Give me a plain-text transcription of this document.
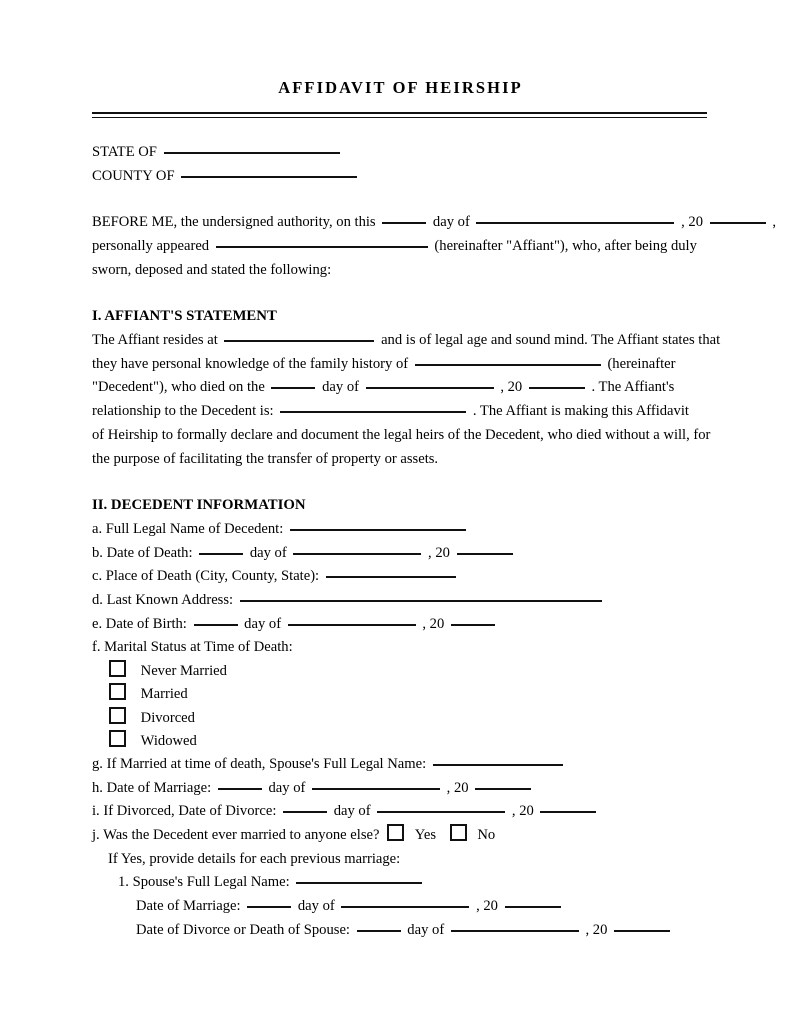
AFFIDAVIT OF HEIRSHIP
STATE OF
COUNTY OF
BEFORE ME, the undersigned authority, on this	day of	, 20	,
personally appeared	(hereinafter "Affiant"), who, after being duly
sworn, deposed and stated the following:
I. AFFIANT'S STATEMENT
The Affiant resides at	and is of legal age and sound mind. The Affiant states that
they have personal knowledge of the family history of	(hereinafter
"Decedent"), who died on the	day of	, 20	. The Affiant's
relationship to the Decedent is:	. The Affiant is making this Affidavit
of Heirship to formally declare and document the legal heirs of the Decedent, who died without a will, for
the purpose of facilitating the transfer of property or assets.
II. DECEDENT INFORMATION
a. Full Legal Name of Decedent:
b. Date of Death:	day of	, 20
c. Place of Death (City, County, State):
d. Last Known Address:
e. Date of Birth:	day of	, 20
f. Marital Status at Time of Death:
Never Married
Married
Divorced
Widowed
g. If Married at time of death, Spouse's Full Legal Name:
h. Date of Marriage:	day of	, 20
i. If Divorced, Date of Divorce:	day of	, 20
j. Was the Decedent ever married to anyone else? Yes	No
If Yes, provide details for each previous marriage:
1. Spouse's Full Legal Name:
Date of Marriage:	day of	, 20
Date of Divorce or Death of Spouse:	day of	, 20
